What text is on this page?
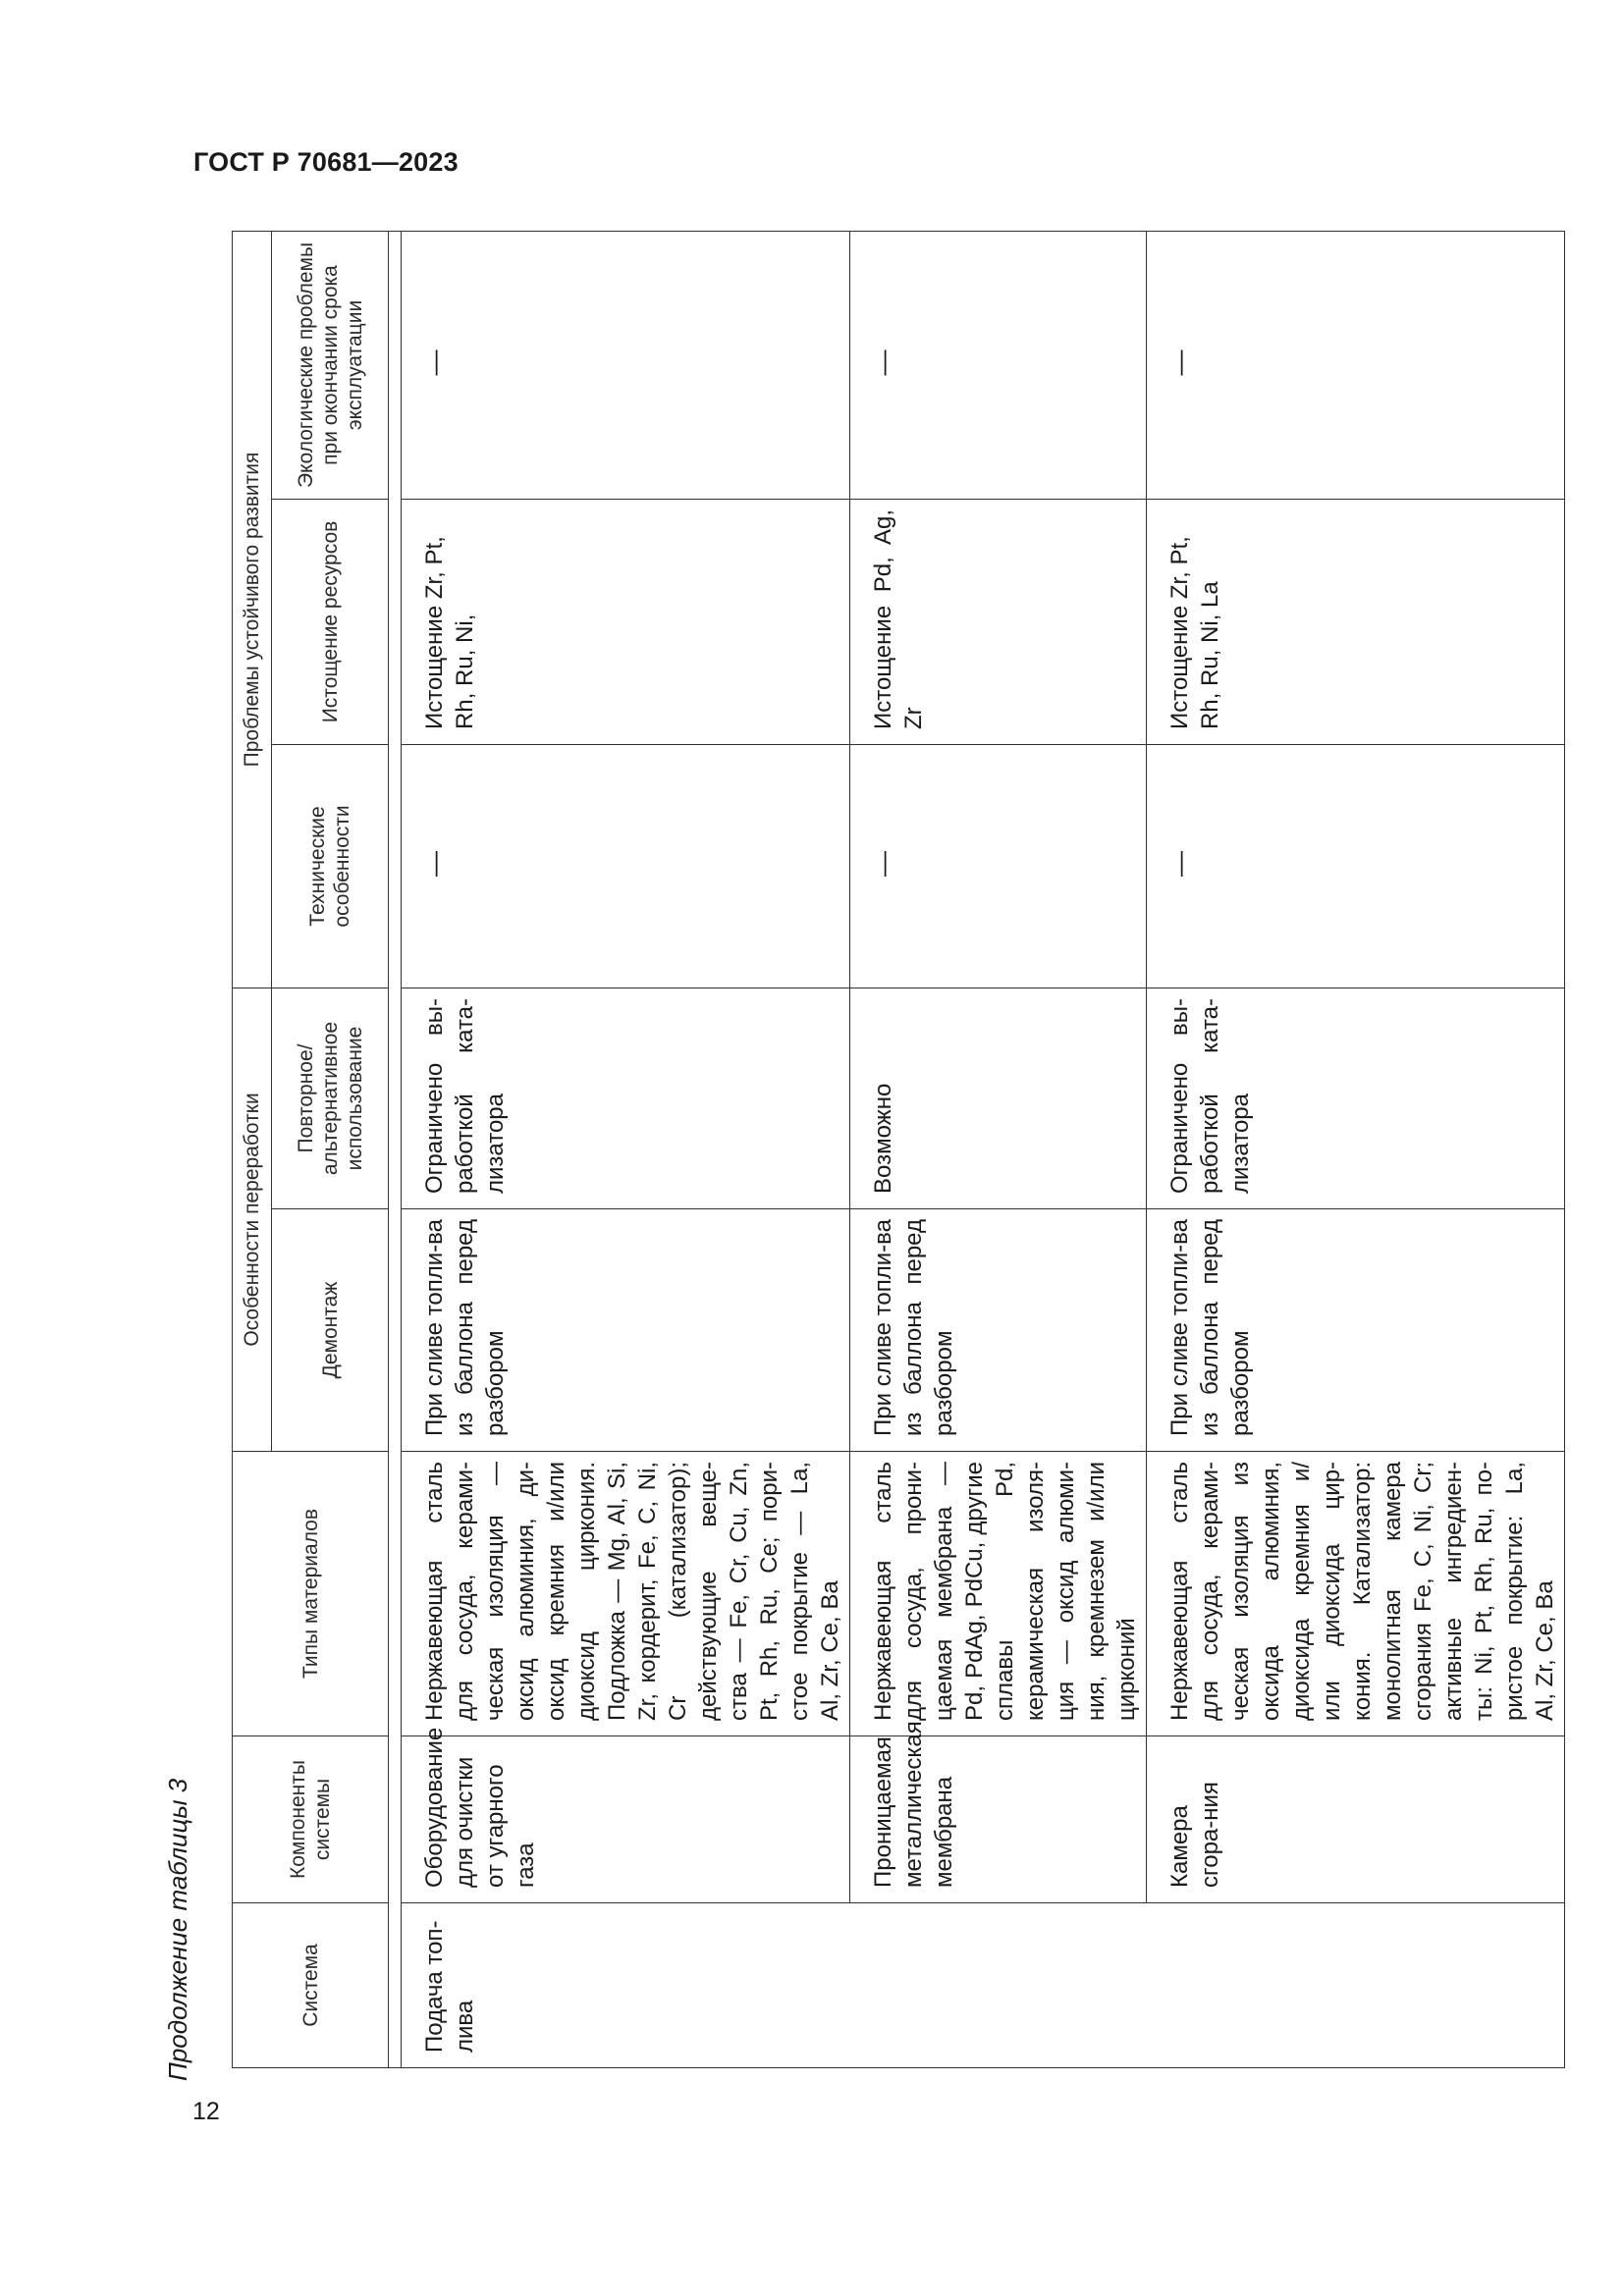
ГОСТ Р 70681—2023
12
Продолжение таблицы 3	Система	Компоненты системы	Типы материалов	Особенности переработки		Проблемы устойчивого развития		
			Демонтаж	Повторное/ альтернативное использование	Технические особенности	Истощение ресурсов	Экологические проблемы при окончании срока эксплуатации

Подача топ-лива	Оборудование для очистки от угарного газа	Нержавеющая сталь для сосуда, керами-ческая изоляция — оксид алюминия, ди-оксид кремния и/или диоксид циркония. Подложка — Mg, Al, Si, Zr, кордерит, Fe, C, Ni, Cr (катализатор); действующие веще-ства — Fe, Cr, Cu, Zn, Pt, Rh, Ru, Ce; пори-стое покрытие — La, Al, Zr, Ce, Ba	При сливе топли-ва из баллона перед разбором	Ограничено вы-работкой ката-лизатора	—	Истощение Zr, Pt, Rh, Ru, Ni,	—
	Проницаемая металлическая мембрана	Нержавеющая сталь для сосуда, прони-цаемая мембрана — Pd, PdAg, PdCu, другие сплавы Pd, керамическая изоля-ция — оксид алюми-ния, кремнезем и/или цирконий	При сливе топли-ва из баллона перед разбором	Возможно	—	Истощение Pd, Ag, Zr	—
	Камера сгора-ния	Нержавеющая сталь для сосуда, керами-ческая изоляция из оксида алюминия, диоксида кремния и/или диоксида цир-кония. Катализатор: монолитная камера сгорания Fe, C, Ni, Cr; активные ингредиен-ты: Ni, Pt, Rh, Ru, по-ристое покрытие: La, Al, Zr, Ce, Ba	При сливе топли-ва из баллона перед разбором	Ограничено вы-работкой ката-лизатора	—	Истощение Zr, Pt, Rh, Ru, Ni, La	—
